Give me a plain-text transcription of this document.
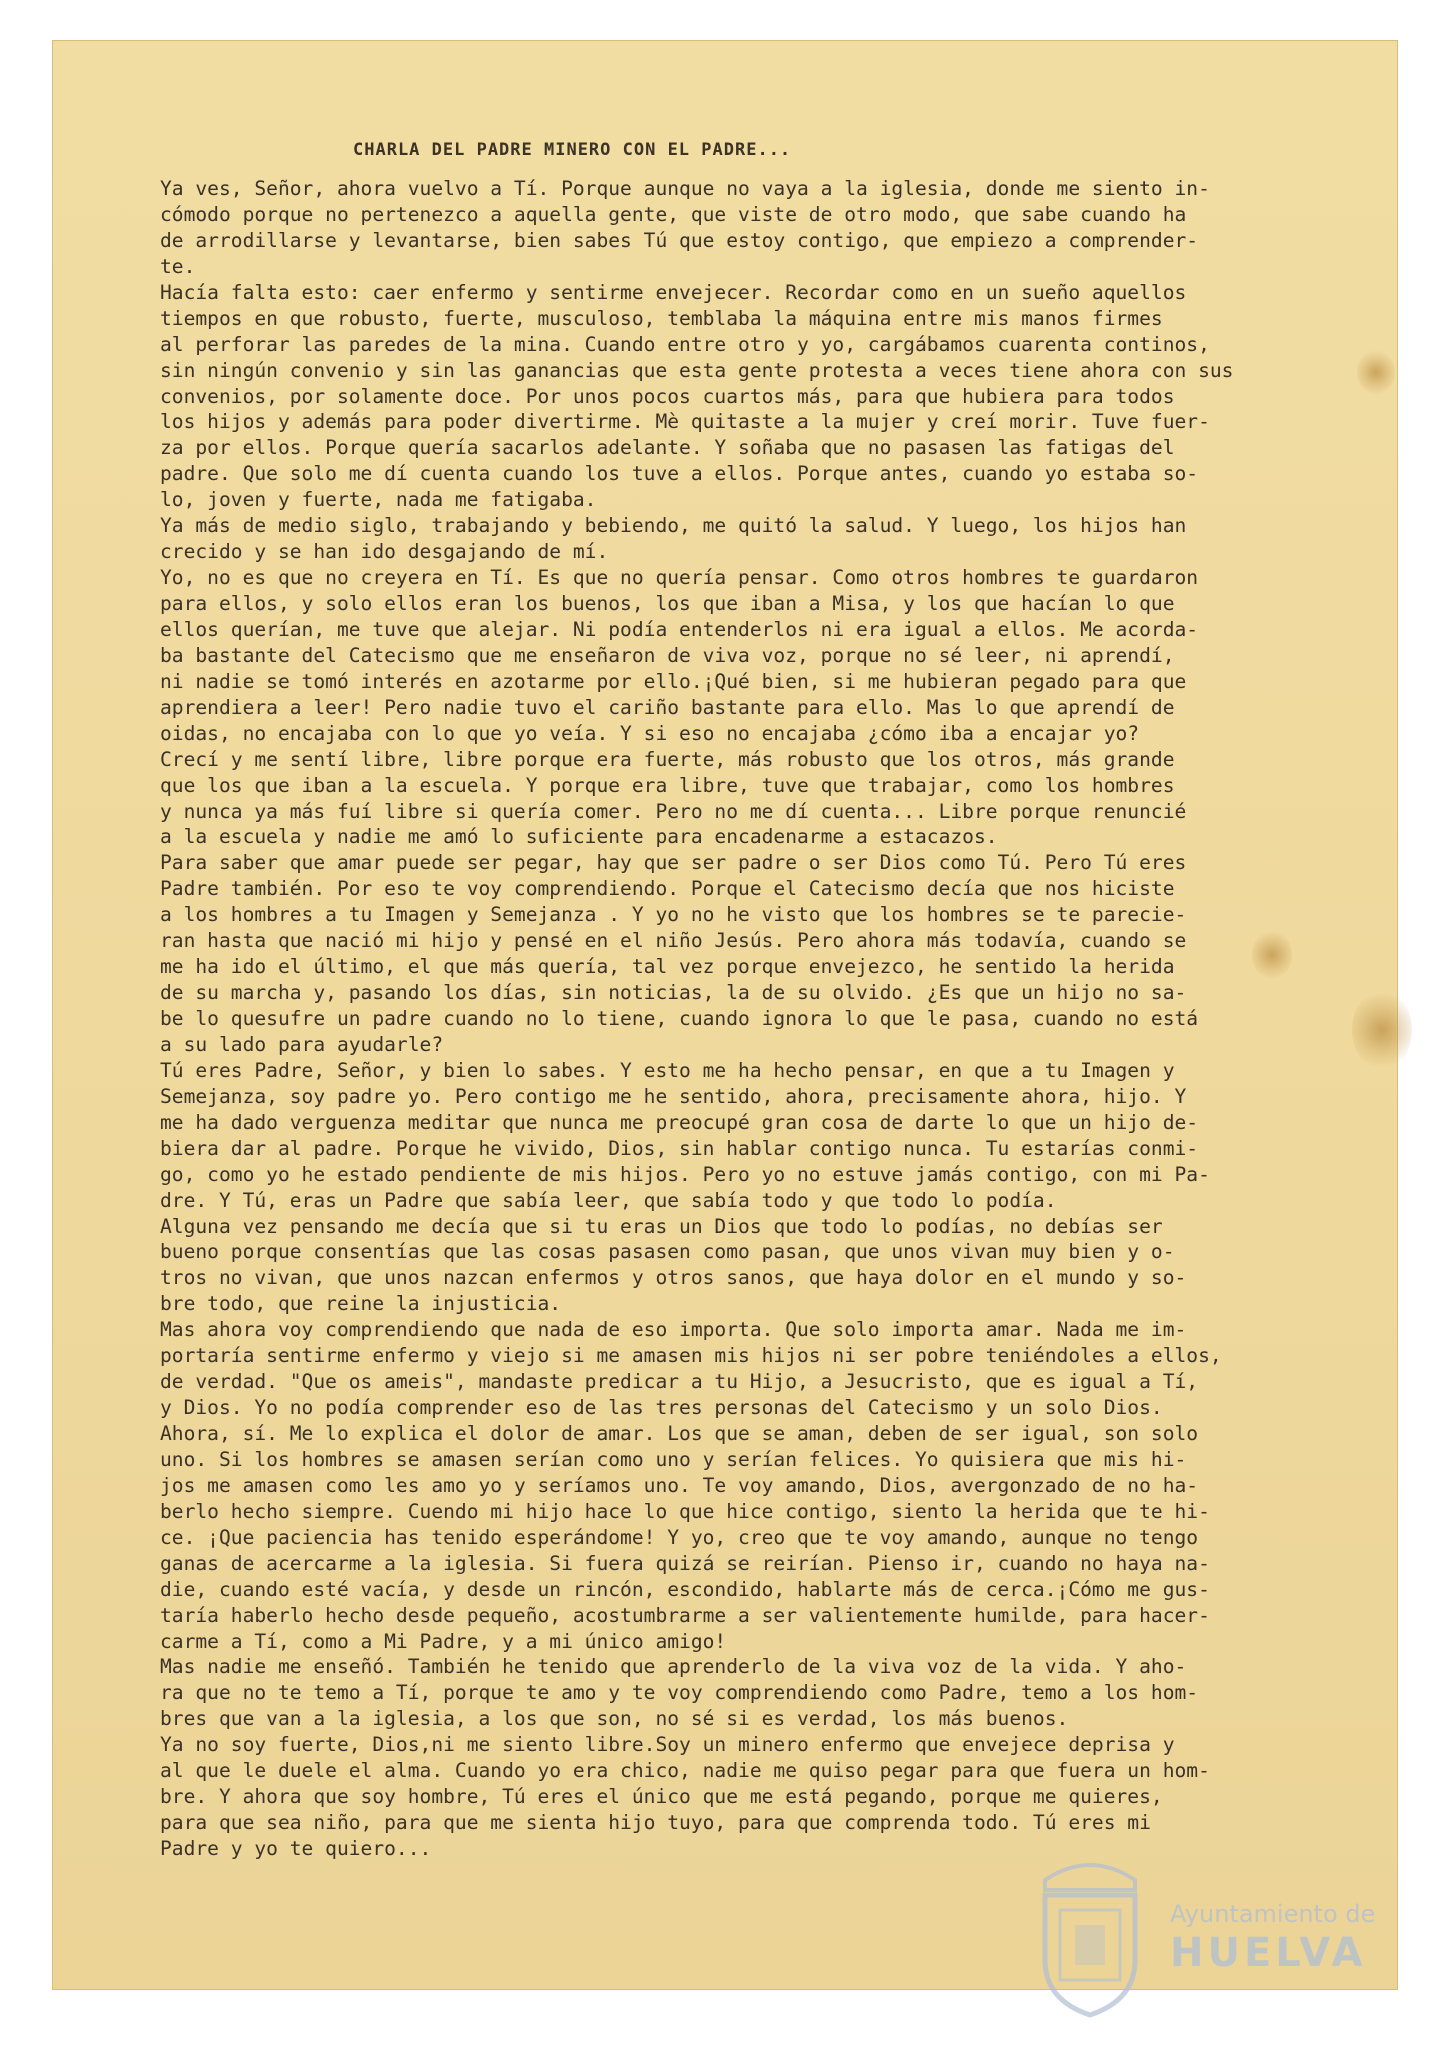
CHARLA DEL PADRE MINERO CON EL PADRE...
Ya ves, Señor, ahora vuelvo a Tí. Porque aunque no vaya a la iglesia, donde me siento in-
cómodo porque no pertenezco a aquella gente, que viste de otro modo, que sabe cuando ha
de arrodillarse y levantarse, bien sabes Tú que estoy contigo, que empiezo a comprender-
te.
Hacía falta esto: caer enfermo y sentirme envejecer. Recordar como en un sueño aquellos
tiempos en que robusto, fuerte, musculoso, temblaba la máquina entre mis manos firmes
al perforar las paredes de la mina. Cuando entre otro y yo, cargábamos cuarenta continos,
sin ningún convenio y sin las ganancias que esta gente protesta a veces tiene ahora con sus
convenios, por solamente doce. Por unos pocos cuartos más, para que hubiera para todos
los hijos y además para poder divertirme. Mè quitaste a la mujer y creí morir. Tuve fuer-
za por ellos. Porque quería sacarlos adelante. Y soñaba que no pasasen las fatigas del
padre. Que solo me dí cuenta cuando los tuve a ellos. Porque antes, cuando yo estaba so-
lo, joven y fuerte, nada me fatigaba.
Ya más de medio siglo, trabajando y bebiendo, me quitó la salud. Y luego, los hijos han
crecido y se han ido desgajando de mí.
Yo, no es que no creyera en Tí. Es que no quería pensar. Como otros hombres te guardaron
para ellos, y solo ellos eran los buenos, los que iban a Misa, y los que hacían lo que
ellos querían, me tuve que alejar. Ni podía entenderlos ni era igual a ellos. Me acorda-
ba bastante del Catecismo que me enseñaron de viva voz, porque no sé leer, ni aprendí,
ni nadie se tomó interés en azotarme por ello.¡Qué bien, si me hubieran pegado para que
aprendiera a leer! Pero nadie tuvo el cariño bastante para ello. Mas lo que aprendí de
oidas, no encajaba con lo que yo veía. Y si eso no encajaba ¿cómo iba a encajar yo?
Crecí y me sentí libre, libre porque era fuerte, más robusto que los otros, más grande
que los que iban a la escuela. Y porque era libre, tuve que trabajar, como los hombres
y nunca ya más fuí libre si quería comer. Pero no me dí cuenta... Libre porque renuncié
a la escuela y nadie me amó lo suficiente para encadenarme a estacazos.
Para saber que amar puede ser pegar, hay que ser padre o ser Dios como Tú. Pero Tú eres
Padre también. Por eso te voy comprendiendo. Porque el Catecismo decía que nos hiciste
a los hombres a tu Imagen y Semejanza . Y yo no he visto que los hombres se te parecie-
ran hasta que nació mi hijo y pensé en el niño Jesús. Pero ahora más todavía, cuando se
me ha ido el último, el que más quería, tal vez porque envejezco, he sentido la herida
de su marcha y, pasando los días, sin noticias, la de su olvido. ¿Es que un hijo no sa-
be lo quesufre un padre cuando no lo tiene, cuando ignora lo que le pasa, cuando no está
a su lado para ayudarle?
Tú eres Padre, Señor, y bien lo sabes. Y esto me ha hecho pensar, en que a tu Imagen y
Semejanza, soy padre yo. Pero contigo me he sentido, ahora, precisamente ahora, hijo. Y
me ha dado verguenza meditar que nunca me preocupé gran cosa de darte lo que un hijo de-
biera dar al padre. Porque he vivido, Dios, sin hablar contigo nunca. Tu estarías conmi-
go, como yo he estado pendiente de mis hijos. Pero yo no estuve jamás contigo, con mi Pa-
dre. Y Tú, eras un Padre que sabía leer, que sabía todo y que todo lo podía.
Alguna vez pensando me decía que si tu eras un Dios que todo lo podías, no debías ser
bueno porque consentías que las cosas pasasen como pasan, que unos vivan muy bien y o-
tros no vivan, que unos nazcan enfermos y otros sanos, que haya dolor en el mundo y so-
bre todo, que reine la injusticia.
Mas ahora voy comprendiendo que nada de eso importa. Que solo importa amar. Nada me im-
portaría sentirme enfermo y viejo si me amasen mis hijos ni ser pobre teniéndoles a ellos,
de verdad. "Que os ameis", mandaste predicar a tu Hijo, a Jesucristo, que es igual a Tí,
y Dios. Yo no podía comprender eso de las tres personas del Catecismo y un solo Dios.
Ahora, sí. Me lo explica el dolor de amar. Los que se aman, deben de ser igual, son solo
uno. Si los hombres se amasen serían como uno y serían felices. Yo quisiera que mis hi-
jos me amasen como les amo yo y seríamos uno. Te voy amando, Dios, avergonzado de no ha-
berlo hecho siempre. Cuendo mi hijo hace lo que hice contigo, siento la herida que te hi-
ce. ¡Que paciencia has tenido esperándome! Y yo, creo que te voy amando, aunque no tengo
ganas de acercarme a la iglesia. Si fuera quizá se reirían. Pienso ir, cuando no haya na-
die, cuando esté vacía, y desde un rincón, escondido, hablarte más de cerca.¡Cómo me gus-
taría haberlo hecho desde pequeño, acostumbrarme a ser valientemente humilde, para hacer-
carme a Tí, como a Mi Padre, y a mi único amigo!
Mas nadie me enseñó. También he tenido que aprenderlo de la viva voz de la vida. Y aho-
ra que no te temo a Tí, porque te amo y te voy comprendiendo como Padre, temo a los hom-
bres que van a la iglesia, a los que son, no sé si es verdad, los más buenos.
Ya no soy fuerte, Dios,ni me siento libre.Soy un minero enfermo que envejece deprisa y
al que le duele el alma. Cuando yo era chico, nadie me quiso pegar para que fuera un hom-
bre. Y ahora que soy hombre, Tú eres el único que me está pegando, porque me quieres,
para que sea niño, para que me sienta hijo tuyo, para que comprenda todo. Tú eres mi
Padre y yo te quiero...
Ayuntamiento de
HUELVA
